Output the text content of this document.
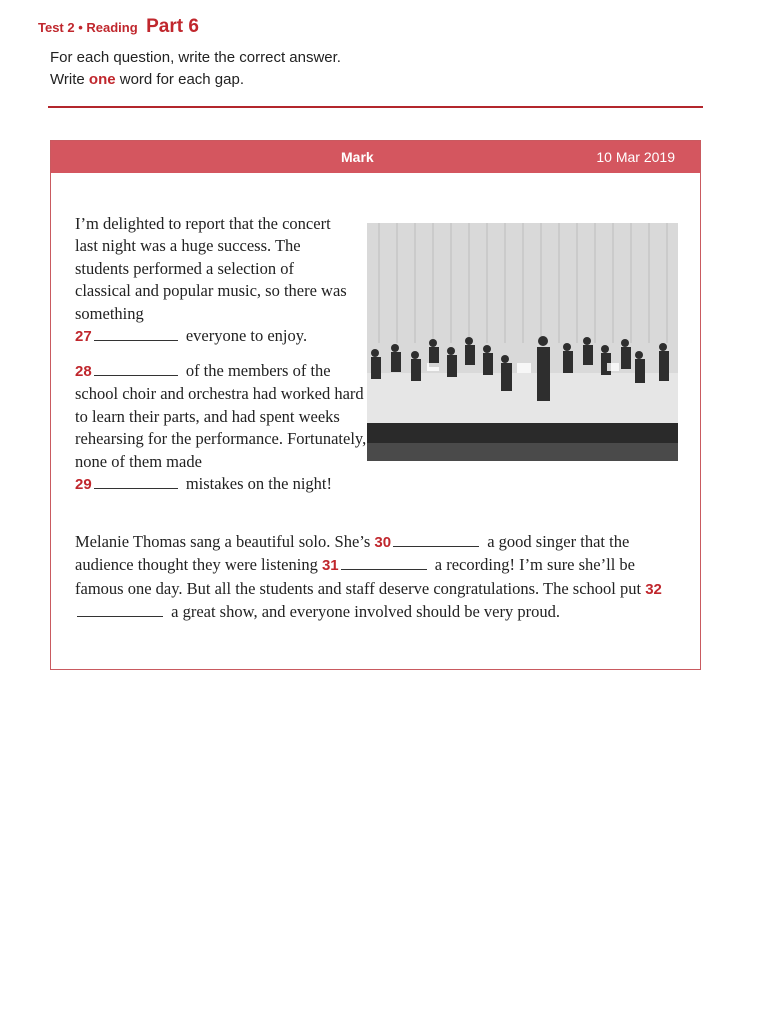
Test 2 • Reading Part 6
For each question, write the correct answer.
Write one word for each gap.
Mark	10 Mar 2019
I’m delighted to report that the concert last night was a huge success. The students performed a selection of classical and popular music, so there was something
27	everyone to enjoy.
28	of the members of the school choir and orchestra had worked hard to learn their parts, and had spent weeks rehearsing for the performance. Fortunately, none of them made
29	mistakes on the night!
Melanie Thomas sang a beautiful solo. She’s 30	a good singer that the audience thought they were listening 31	a recording! I’m sure she’ll be famous one day. But all the students and staff deserve congratulations. The school put 32 a great show, and everyone involved should be very proud.
